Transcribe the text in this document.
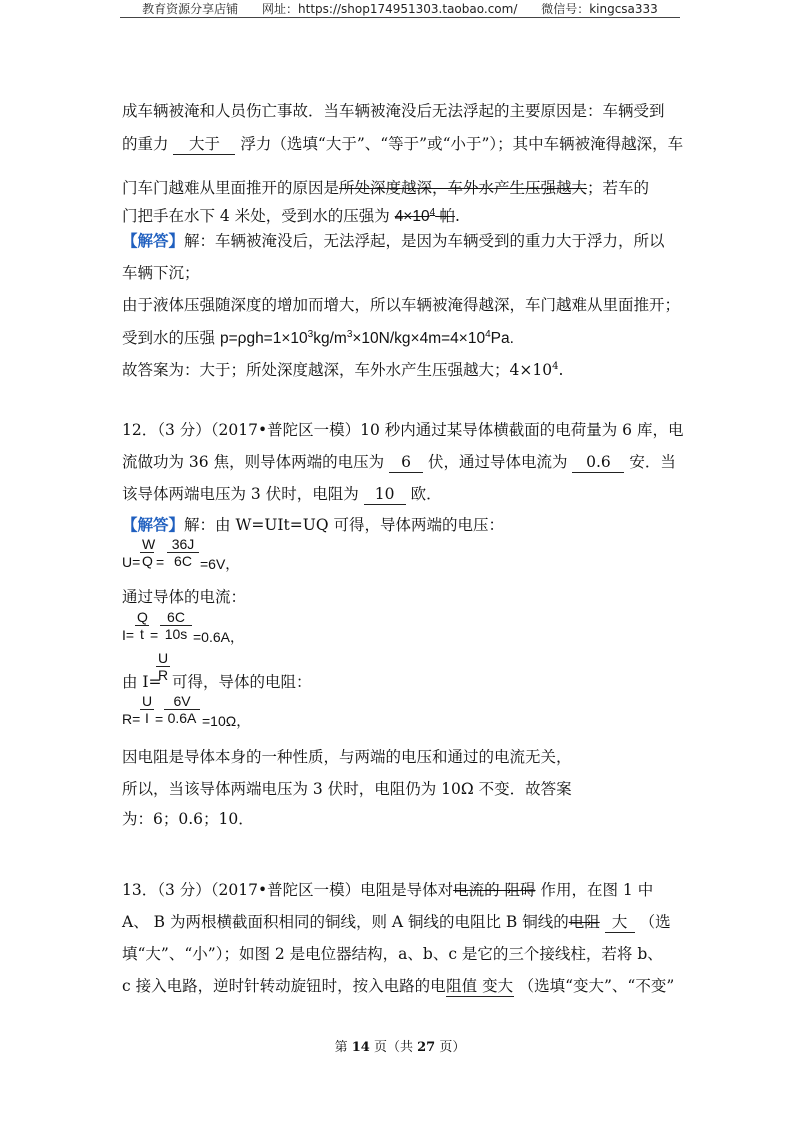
教育资源分享店铺 网址：https://shop174951303.taobao.com/ 微信号：kingcsa333
成车辆被淹和人员伤亡事故．当车辆被淹没后无法浮起的主要原因是：车辆受到
的重力 大于 浮力（选填“大于”、“等于”或“小于”）；其中车辆被淹得越深，车
门车门越难从里面推开的原因是所处深度越深，车外水产生压强越大；若车的
门把手在水下 4 米处，受到水的压强为 $4\times 10^4$ 帕.
【解答】解：车辆被淹没后，无法浮起，是因为车辆受到的重力大于浮力，所以
车辆下沉；
由于液体压强随深度的增加而增大，所以车辆被淹得越深，车门越难从里面推开；
受到水的压强 $p=\rho gh=1\times 10^3kg/m^3\times 10N/kg\times 4m=4\times 10^4Pa$.
故答案为：大于；所处深度越深，车外水产生压强越大；$4\times 10^4$.
12．（3 分）（2017•普陀区一模）10 秒内通过某导体横截面的电荷量为 6 库，电
流做功为 36 焦，则导体两端的电压为 6 伏，通过导体电流为 0.6 安．当
该导体两端电压为 3 伏时，电阻为 10 欧．
【解答】解：由 W=UIt=UQ 可得，导体两端的电压：
$U= \frac{W}{Q} = \frac{36J}{6C} =6V$，
通过导体的电流：
$I= \frac{Q}{t} = \frac{6C}{10s} =0.6A$，
由 I=
$\frac{U}{R}$ 可得，导体的电阻：
$R= \frac{U}{I} = \frac{6V}{0.6A} =10\Omega$，
因电阻是导体本身的一种性质，与两端的电压和通过的电流无关，
所以，当该导体两端电压为 3 伏时，电阻仍为 10Ω 不变．故答案
为：6；0.6；10．
13．（3 分）（2017•普陀区一模）电阻是导体对电流的 阻碍 作用，在图 1 中
A、 B 为两根横截面积相同的铜线，则 A 铜线的电阻比 B 铜线的电阻 大 （选
填“大”、“小”）；如图 2 是电位器结构，a、b、c 是它的三个接线柱，若将 b、
c 接入电路，逆时针转动旋钮时，按入电路的电阻值 变大 （选填“变大”、“不变”
第 14 页（共 27 页）
